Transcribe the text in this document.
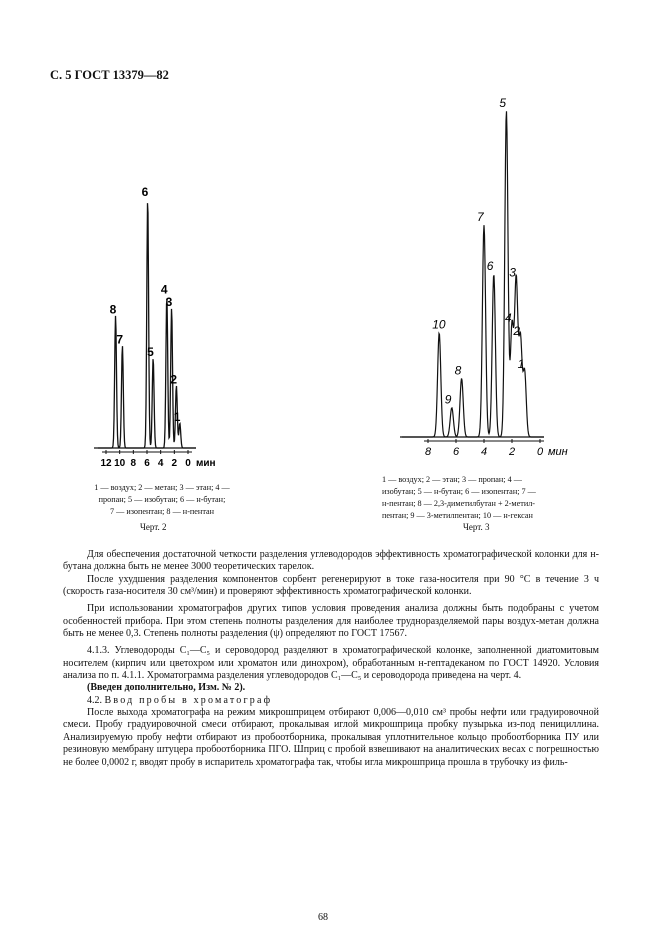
С. 5 ГОСТ 13379—82
1
2
3
4
5
6
7
8
12 10 8 6 4 2 0 мин
1
2
3
4
5
6
7
8
9
10
8 6 4 2 0 мин
1 — воздух; 2 — метан; 3 — этан; 4 —
пропан; 5 — изобутан; 6 — н-бутан;
7 — изопентан; 8 — н-пентан
Черт. 2
1 — воздух; 2 — этан; 3 — пропан; 4 —
изобутан; 5 — н-бутан; 6 — изопентан; 7 —
н-пентан; 8 — 2,3-диметилбутан + 2-метил-
пентан; 9 — 3-метилпентан; 10 — н-гексан
Черт. 3

Для обеспечения достаточной четкости разделения углеводородов эффективность хроматографической колонки для н-бутана должна быть не менее 3000 теоретических тарелок.

После ухудшения разделения компонентов сорбент регенерируют в токе газа-носителя при 90 °С в течение 3 ч (скорость газа-носителя 30 см³/мин) и проверяют эффективность хроматографической колонки.

При использовании хроматографов других типов условия проведения анализа должны быть подобраны с учетом особенностей прибора. При этом степень полноты разделения для наиболее трудноразделяемой пары воздух-метан должна быть не менее 0,3. Степень полноты разделения (ψ) определяют по ГОСТ 17567.

4.1.3. Углеводороды С₁—С₅ и сероводород разделяют в хроматографической колонке, заполненной диатомитовым носителем (кирпич или цветохром или хроматон или динохром), обработанным н-гептадеканом по ГОСТ 14920. Условия анализа по п. 4.1.1. Хроматограмма разделения углеводородов С₁—С₅ и сероводорода приведена на черт. 4.

(Введен дополнительно, Изм. № 2).

4.2. Ввод пробы в хроматограф

После выхода хроматографа на режим микрошприцем отбирают 0,006—0,010 см³ пробы нефти или градуировочной смеси. Пробу градуировочной смеси отбирают, прокалывая иглой микрошприца пробку пузырька из-под пенициллина. Анализируемую пробу нефти отбирают из пробоотборника, прокалывая уплотнительное кольцо пробоотборника ПУ или резиновую мембрану штуцера пробоотборника ПГО. Шприц с пробой взвешивают на аналитических весах с погрешностью не более 0,0002 г, вводят пробу в испаритель хроматографа так, чтобы игла микрошприца прошла в трубочку из филь-

68
